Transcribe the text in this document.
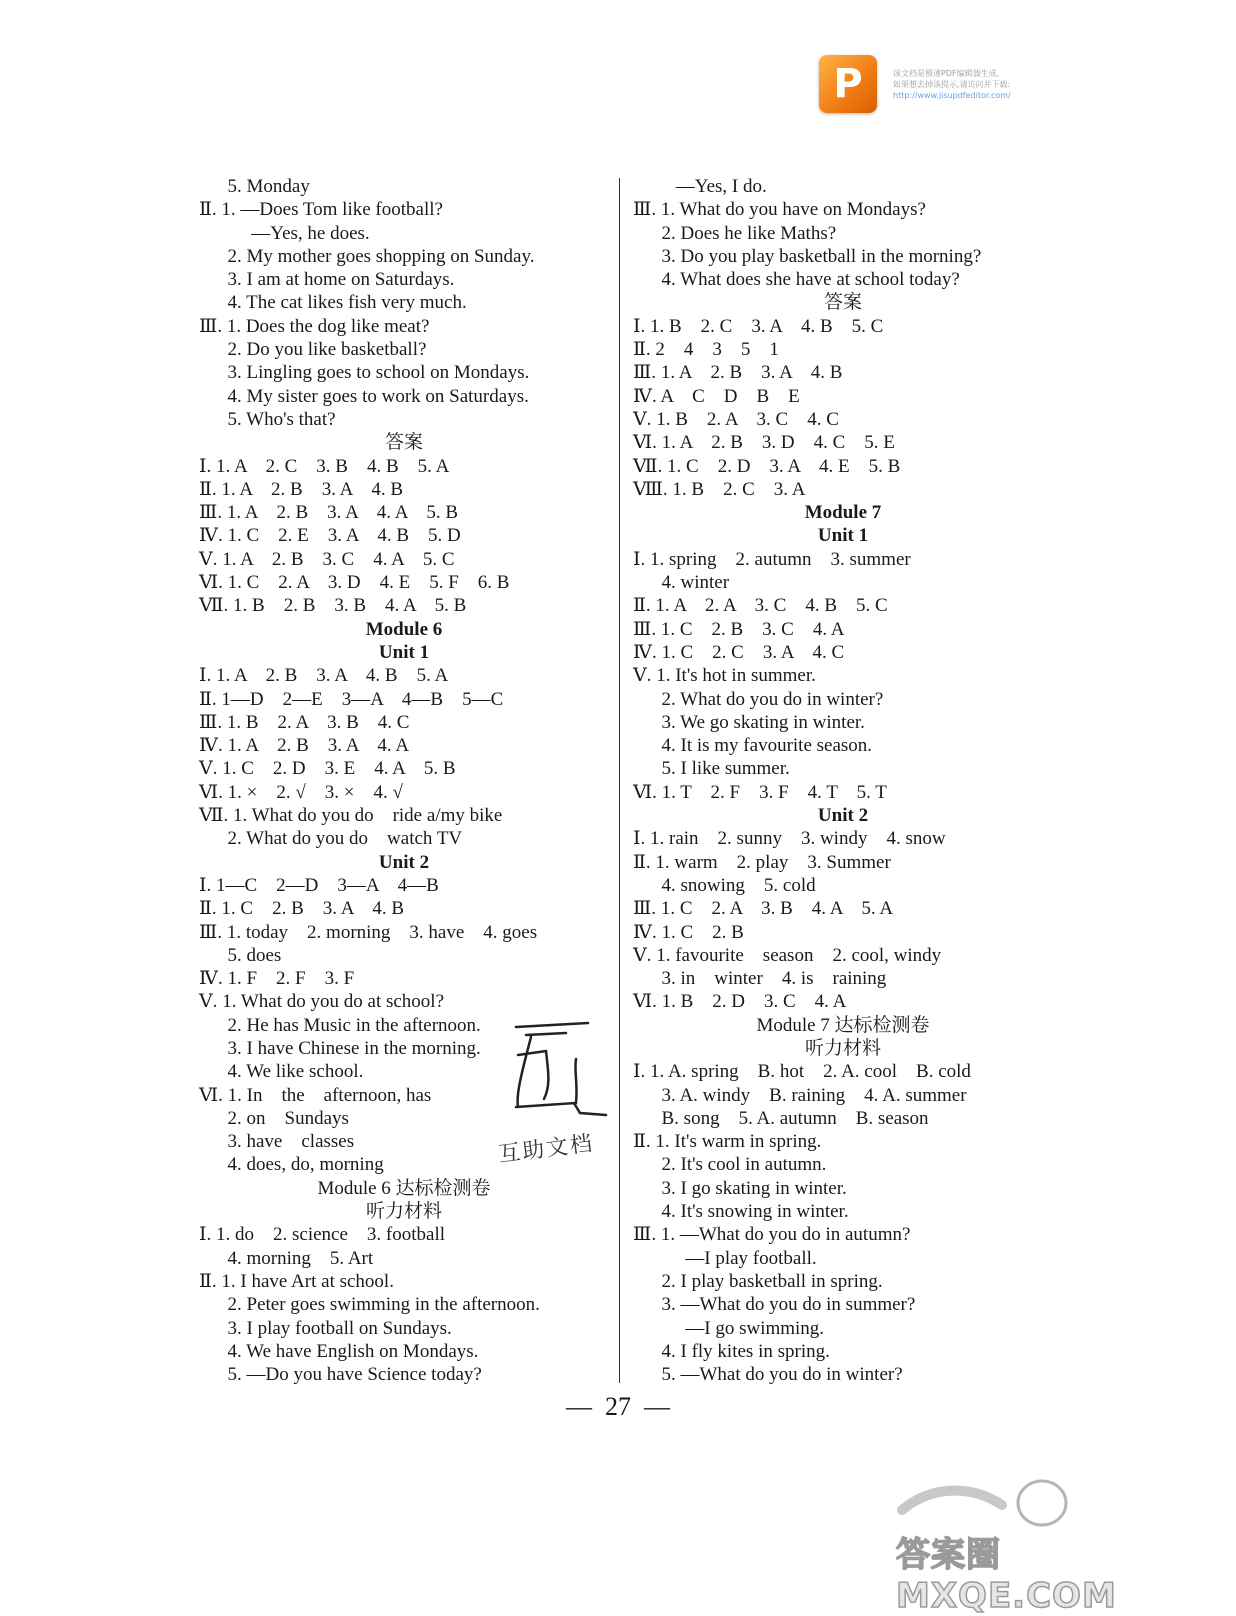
P	该文档是极速PDF编辑器生成,
如果想去掉该提示,请访问并下载:
http://www.jisupdfeditor.com/
5. Monday
Ⅱ. 1. —Does Tom like football?
—Yes, he does.
2. My mother goes shopping on Sunday.
3. I am at home on Saturdays.
4. The cat likes fish very much.
Ⅲ. 1. Does the dog like meat?
2. Do you like basketball?
3. Lingling goes to school on Mondays.
4. My sister goes to work on Saturdays.
5. Who's that?
答案
Ⅰ. 1. A    2. C    3. B    4. B    5. A
Ⅱ. 1. A    2. B    3. A    4. B
Ⅲ. 1. A    2. B    3. A    4. A    5. B
Ⅳ. 1. C    2. E    3. A    4. B    5. D
Ⅴ. 1. A    2. B    3. C    4. A    5. C
Ⅵ. 1. C    2. A    3. D    4. E    5. F    6. B
Ⅶ. 1. B    2. B    3. B    4. A    5. B
Module 6
Unit 1
Ⅰ. 1. A    2. B    3. A    4. B    5. A
Ⅱ. 1—D    2—E    3—A    4—B    5—C
Ⅲ. 1. B    2. A    3. B    4. C
Ⅳ. 1. A    2. B    3. A    4. A
Ⅴ. 1. C    2. D    3. E    4. A    5. B
Ⅵ. 1. ×    2. √    3. ×    4. √
Ⅶ. 1. What do you do    ride a/my bike
2. What do you do    watch TV
Unit 2
Ⅰ. 1—C    2—D    3—A    4—B
Ⅱ. 1. C    2. B    3. A    4. B
Ⅲ. 1. today    2. morning    3. have    4. goes
5. does
Ⅳ. 1. F    2. F    3. F
Ⅴ. 1. What do you do at school?
2. He has Music in the afternoon.
3. I have Chinese in the morning.
4. We like school.
Ⅵ. 1. In    the    afternoon, has
2. on    Sundays
3. have    classes
4. does, do, morning
Module 6 达标检测卷
听力材料
Ⅰ. 1. do    2. science    3. football
4. morning    5. Art
Ⅱ. 1. I have Art at school.
2. Peter goes swimming in the afternoon.
3. I play football on Sundays.
4. We have English on Mondays.
5. —Do you have Science today?
—Yes, I do.
Ⅲ. 1. What do you have on Mondays?
2. Does he like Maths?
3. Do you play basketball in the morning?
4. What does she have at school today?
答案
Ⅰ. 1. B    2. C    3. A    4. B    5. C
Ⅱ. 2    4    3    5    1
Ⅲ. 1. A    2. B    3. A    4. B
Ⅳ. A    C    D    B    E
Ⅴ. 1. B    2. A    3. C    4. C
Ⅵ. 1. A    2. B    3. D    4. C    5. E
Ⅶ. 1. C    2. D    3. A    4. E    5. B
Ⅷ. 1. B    2. C    3. A
Module 7
Unit 1
Ⅰ. 1. spring    2. autumn    3. summer
4. winter
Ⅱ. 1. A    2. A    3. C    4. B    5. C
Ⅲ. 1. C    2. B    3. C    4. A
Ⅳ. 1. C    2. C    3. A    4. C
Ⅴ. 1. It's hot in summer.
2. What do you do in winter?
3. We go skating in winter.
4. It is my favourite season.
5. I like summer.
Ⅵ. 1. T    2. F    3. F    4. T    5. T
Unit 2
Ⅰ. 1. rain    2. sunny    3. windy    4. snow
Ⅱ. 1. warm    2. play    3. Summer
4. snowing    5. cold
Ⅲ. 1. C    2. A    3. B    4. A    5. A
Ⅳ. 1. C    2. B
Ⅴ. 1. favourite    season    2. cool, windy
3. in    winter    4. is    raining
Ⅵ. 1. B    2. D    3. C    4. A
Module 7 达标检测卷
听力材料
Ⅰ. 1. A. spring    B. hot    2. A. cool    B. cold
3. A. windy    B. raining    4. A. summer
B. song    5. A. autumn    B. season
Ⅱ. 1. It's warm in spring.
2. It's cool in autumn.
3. I go skating in winter.
4. It's snowing in winter.
Ⅲ. 1. —What do you do in autumn?
—I play football.
2. I play basketball in spring.
3. —What do you do in summer?
—I go swimming.
4. I fly kites in spring.
5. —What do you do in winter?
互助文档
—  27  —
答案圈 MXQE.COM
